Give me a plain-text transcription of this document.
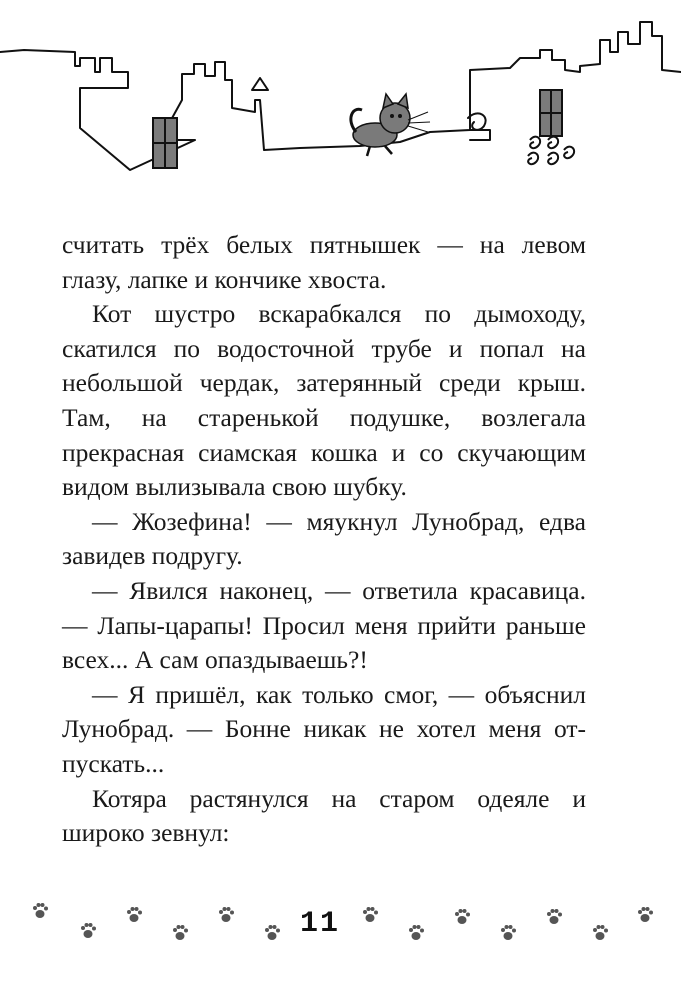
считать трёх белых пятнышек — на левом глазу, лапке и кончике хвоста.

Кот шустро вскарабкался по дымоходу, скатился по водосточной трубе и попал на небольшой чердак, затерянный среди крыш. Там, на старенькой подушке, возлегала прекрасная сиамская кошка и со скучающим видом вылизывала свою шубку.

— Жозефина! — мяукнул Лунобрад, едва завидев подругу.

— Явился наконец, — ответила красавица. — Лапы-царапы! Просил меня прийти раньше всех... А сам опаздываешь?!

— Я пришёл, как только смог, — объяснил Лунобрад. — Бонне никак не хотел меня отпускать...

Котяра растянулся на старом одеяле и широко зевнул:

11
